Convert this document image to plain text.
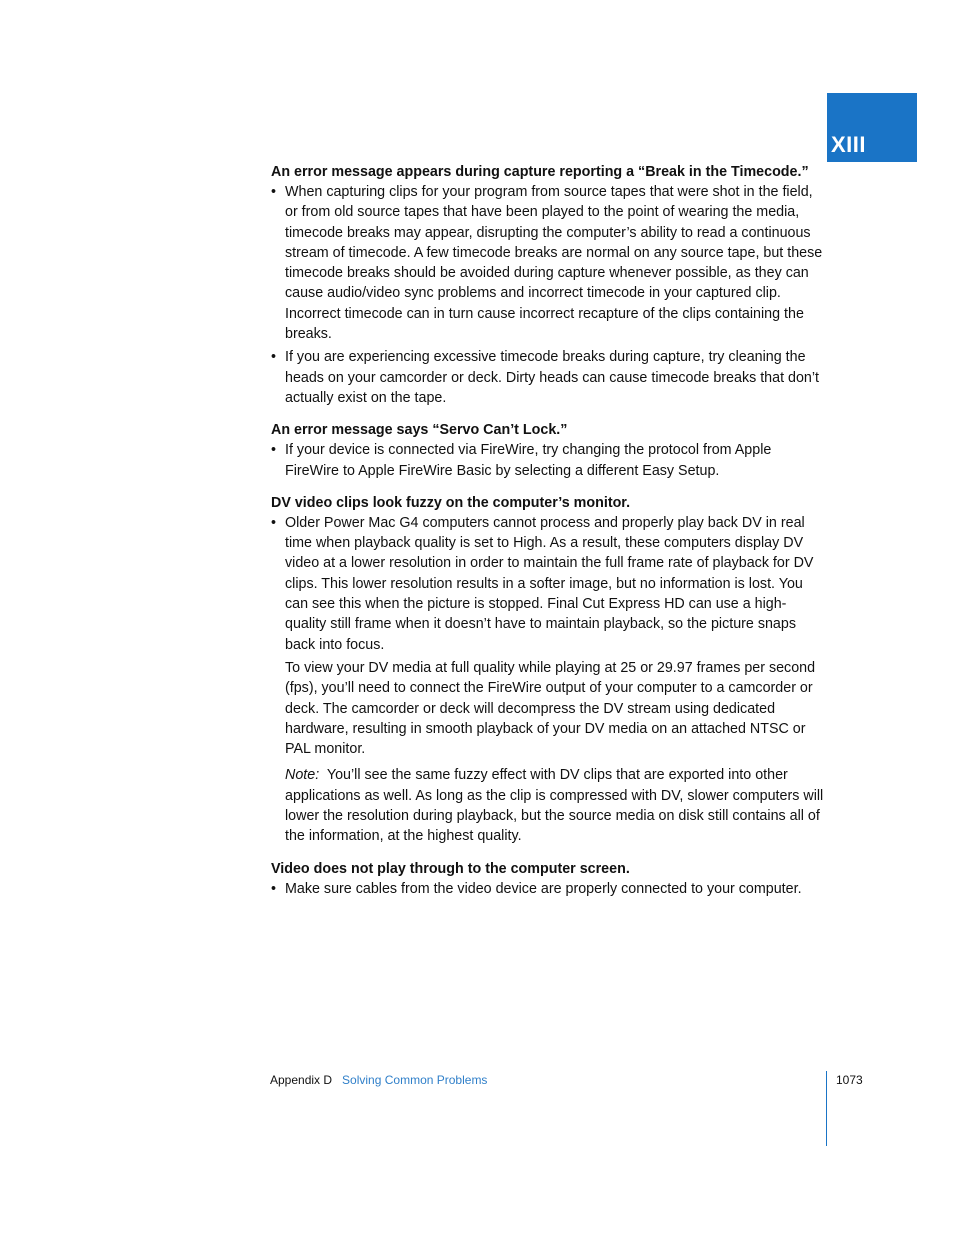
XIII

An error message appears during capture reporting a “Break in the Timecode.”

• When capturing clips for your program from source tapes that were shot in the field, or from old source tapes that have been played to the point of wearing the media, timecode breaks may appear, disrupting the computer’s ability to read a continuous stream of timecode. A few timecode breaks are normal on any source tape, but these timecode breaks should be avoided during capture whenever possible, as they can cause audio/video sync problems and incorrect timecode in your captured clip. Incorrect timecode can in turn cause incorrect recapture of the clips containing the breaks.
• If you are experiencing excessive timecode breaks during capture, try cleaning the heads on your camcorder or deck. Dirty heads can cause timecode breaks that don’t actually exist on the tape.

An error message says “Servo Can’t Lock.”

• If your device is connected via FireWire, try changing the protocol from Apple FireWire to Apple FireWire Basic by selecting a different Easy Setup.

DV video clips look fuzzy on the computer’s monitor.

• Older Power Mac G4 computers cannot process and properly play back DV in real time when playback quality is set to High. As a result, these computers display DV video at a lower resolution in order to maintain the full frame rate of playback for DV clips. This lower resolution results in a softer image, but no information is lost. You can see this when the picture is stopped. Final Cut Express HD can use a high-quality still frame when it doesn’t have to maintain playback, so the picture snaps back into focus.
To view your DV media at full quality while playing at 25 or 29.97 frames per second (fps), you’ll need to connect the FireWire output of your computer to a camcorder or deck. The camcorder or deck will decompress the DV stream using dedicated hardware, resulting in smooth playback of your DV media on an attached NTSC or PAL monitor.
Note: You’ll see the same fuzzy effect with DV clips that are exported into other applications as well. As long as the clip is compressed with DV, slower computers will lower the resolution during playback, but the source media on disk still contains all of the information, at the highest quality.

Video does not play through to the computer screen.

• Make sure cables from the video device are properly connected to your computer.
Appendix D Solving Common Problems	1073
